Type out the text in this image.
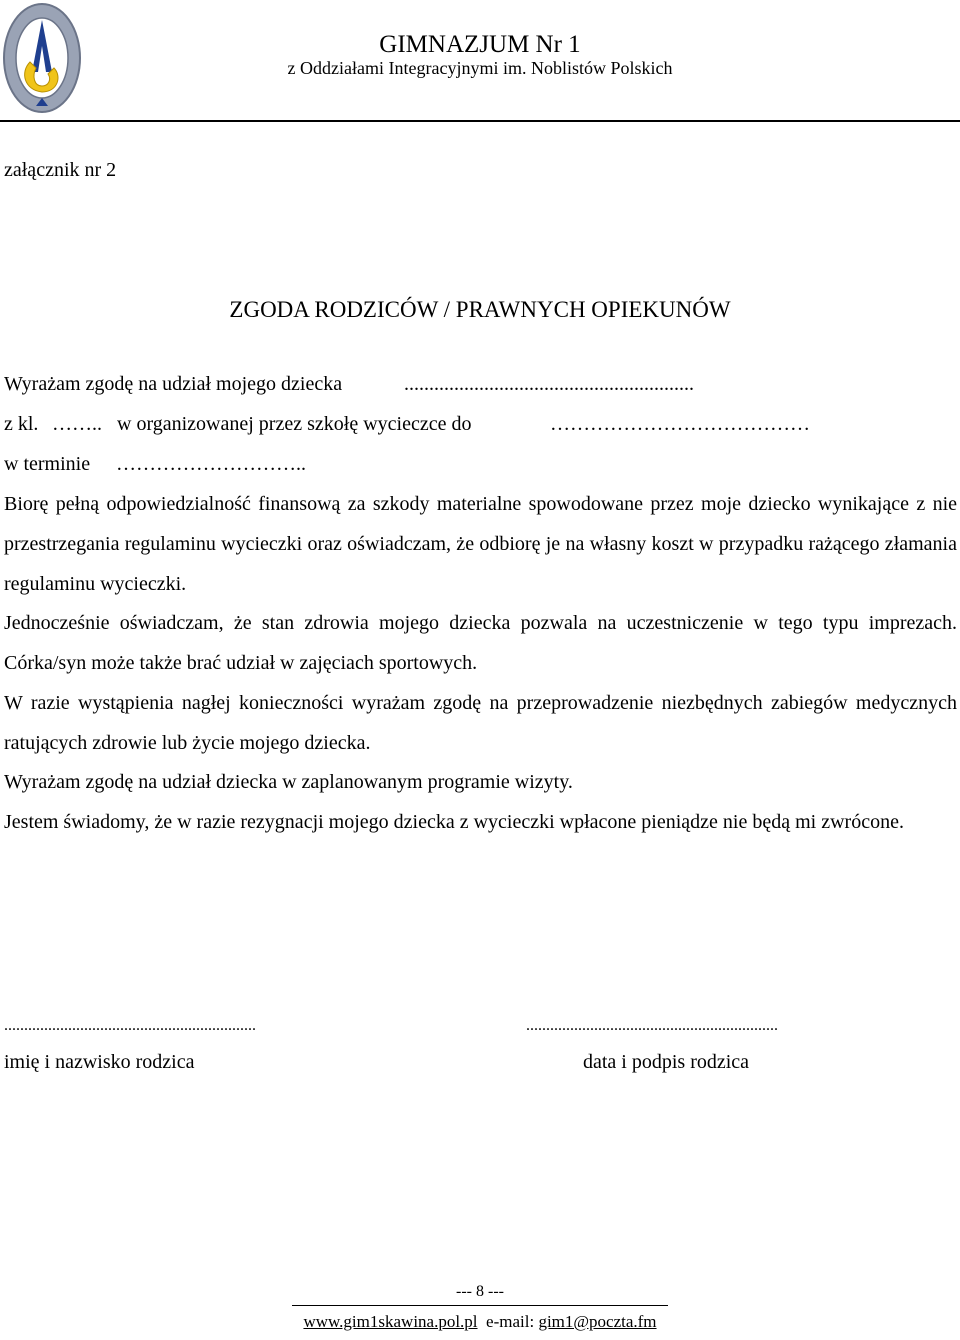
GIMNAZJUM Nr 1
z Oddziałami Integracyjnymi im. Noblistów Polskich
załącznik nr 2
ZGODA RODZICÓW / PRAWNYCH OPIEKUNÓW
Wyrażam zgodę na udział mojego dziecka	..........................................................
z kl. …….. w organizowanej przez szkołę wycieczce do	…………………………………
w terminie ………………………..
Biorę pełną odpowiedzialność finansową za szkody materialne spowodowane przez moje dziecko wynikające z nie przestrzegania regulaminu wycieczki oraz oświadczam, że odbiorę je na własny koszt w przypadku rażącego złamania regulaminu wycieczki.
Jednocześnie oświadczam, że stan zdrowia mojego dziecka pozwala na uczestniczenie w tego typu imprezach. Córka/syn może także brać udział w zajęciach sportowych.
W razie wystąpienia nagłej konieczności wyrażam zgodę na przeprowadzenie niezbędnych zabiegów medycznych ratujących zdrowie lub życie mojego dziecka.
Wyrażam zgodę na udział dziecka w zaplanowanym programie wizyty.
Jestem świadomy, że w razie rezygnacji mojego dziecka z wycieczki wpłacone pieniądze nie będą mi zwrócone.
...............................................................
imię i nazwisko rodzica
...............................................................
data i podpis rodzica
--- 8 ---
www.gim1skawina.pol.pl e-mail: gim1@poczta.fm
